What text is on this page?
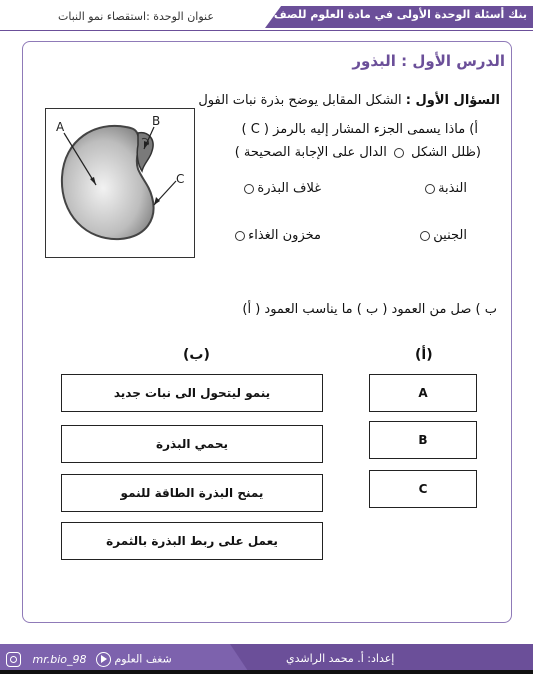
بنك أسئلة الوحدة الأولى في مادة العلوم للصف الخامس
عنوان الوحدة :استقصاء نمو النبات
الدرس الأول : البذور
السؤال الأول : الشكل المقابل يوضح بذرة نبات الفول
أ) ماذا يسمى الجزء المشار إليه بالرمز ( C )
(ظلل الشكل  الدال على الإجابة الصحيحة )
النذبة
غلاف البذرة
الجنين
مخزون الغذاء
A	B
C
ب ) صل من العمود ( ب ) ما يناسب العمود ( أ)
(ب)	(أ)
A
B
C
ينمو ليتحول الى نبات جديد
يحمي البذرة
يمنح البذرة الطاقة للنمو
يعمل على ربط البذرة بالثمرة
mr.bio_98	شغف العلوم	إعداد: أ. محمد الراشدي
